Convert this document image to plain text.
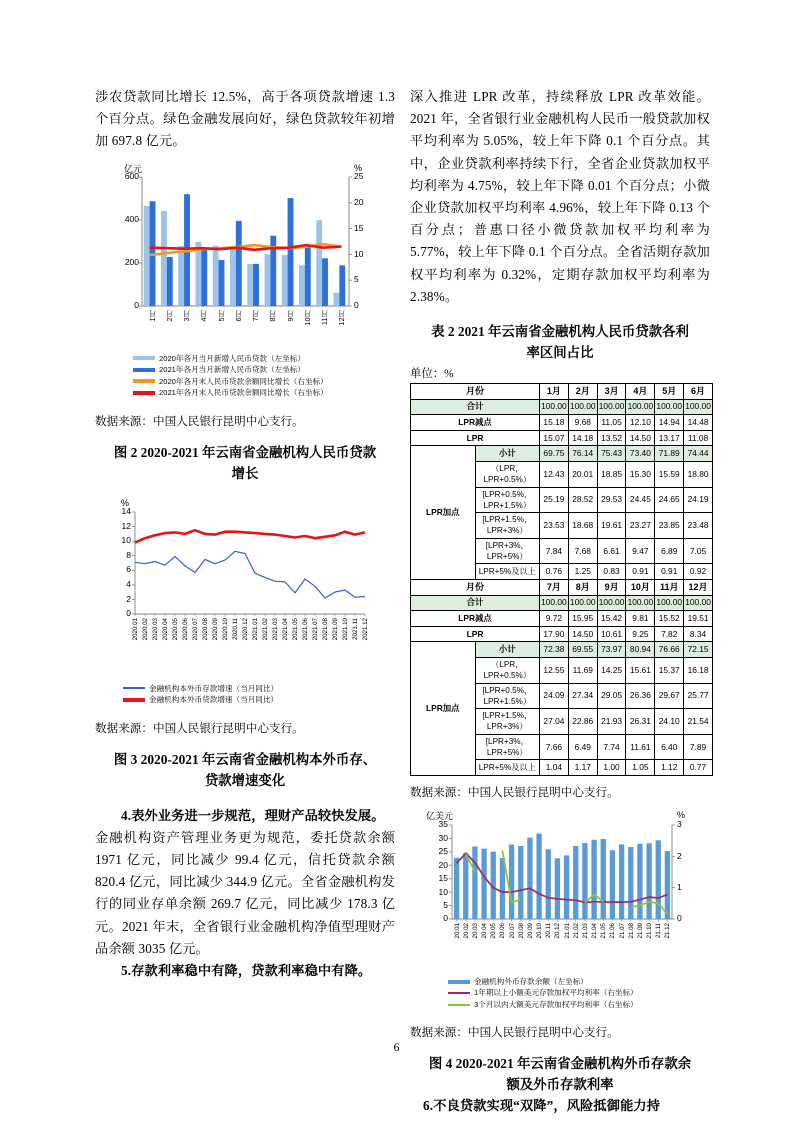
涉农贷款同比增长 12.5%，高于各项贷款增速 1.3 个百分点。绿色金融发展向好，绿色贷款较年初增加 697.8 亿元。

0
200
400
600
0
5
10
15
20
25
亿元	%
1月 2月 3月 4月 5月 6月 7月 8月 9月 10月 11月 12月
2020年各月当月新增人民币贷款（左坐标）
2021年各月当月新增人民币贷款（左坐标）
2020年各月末人民币贷款余额同比增长（右坐标）
2021年各月末人民币贷款余额同比增长（右坐标）

数据来源：中国人民银行昆明中心支行。

图 2 2020-2021 年云南省金融机构人民币贷款

增长

0
2
4
6
8
10
12
14
%
2020.01 2020.02 2020.03 2020.04 2020.05 2020.06 2020.07 2020.08 2020.09 2020.10 2020.11 2020.12 2021.01 2021.02 2021.03 2021.04 2021.05 2021.06 2021.07 2021.08 2021.09 2021.10 2021.11 2021.12
金融机构本外币存款增速（当月同比）
金融机构本外币贷款增速（当月同比）

数据来源：中国人民银行昆明中心支行。

图 3 2020-2021 年云南省金融机构本外币存、

贷款增速变化

4.表外业务进一步规范，理财产品较快发展。

金融机构资产管理业务更为规范，委托贷款余额 1971 亿元，同比减少 99.4 亿元，信托贷款余额 820.4 亿元，同比减少 344.9 亿元。全省金融机构发行的同业存单余额 269.7 亿元，同比减少 178.3 亿元。2021 年末，全省银行业金融机构净值型理财产品余额 3035 亿元。

5.存款利率稳中有降，贷款利率稳中有降。

深入推进 LPR 改革，持续释放 LPR 改革效能。2021 年，全省银行业金融机构人民币一般贷款加权平均利率为 5.05%，较上年下降 0.1 个百分点。其中，企业贷款利率持续下行，全省企业贷款加权平均利率为 4.75%，较上年下降 0.01 个百分点；小微企业贷款加权平均利率 4.96%，较上年下降 0.13 个百分点；普惠口径小微贷款加权平均利率为 5.77%，较上年下降 0.1 个百分点。全省活期存款加权平均利率为 0.32%，定期存款加权平均利率为 2.38%。

表 2 2021 年云南省金融机构人民币贷款各利

率区间占比

单位：%

月份		1月	2月	3月	4月	5月	6月
合计		100.00	100.00	100.00	100.00	100.00	100.00
LPR减点		15.18	9.68	11.05	12.10	14.94	14.48
LPR		15.07	14.18	13.52	14.50	13.17	11.08
LPR加点	小计	69.75	76.14	75.43	73.40	71.89	74.44
	（LPR，LPR+0.5%）	12.43	20.01	18.85	15.30	15.59	18.80
	[LPR+0.5%，LPR+1.5%）	25.19	28.52	29.53	24.45	24.65	24.19
	[LPR+1.5%，LPR+3%）	23.53	18.68	19.61	23.27	23.85	23.48
	[LPR+3%，LPR+5%）	7.84	7.68	6.61	9.47	6.89	7.05
	LPR+5%及以上	0.76	1.25	0.83	0.91	0.91	0.92
月份		7月	8月	9月	10月	11月	12月
合计		100.00	100.00	100.00	100.00	100.00	100.00
LPR减点		9.72	15.95	15.42	9.81	15.52	19.51
LPR		17.90	14.50	10.61	9.25	7.82	8.34
LPR加点	小计	72.38	69.55	73.97	80.94	76.66	72.15
	（LPR，LPR+0.5%）	12.55	11.69	14.25	15.61	15.37	16.18
	[LPR+0.5%，LPR+1.5%）	24.09	27.34	29.05	26.36	29.67	25.77
	[LPR+1.5%，LPR+3%）	27.04	22.86	21.93	26.31	24.10	21.54
	[LPR+3%，LPR+5%）	7.66	6.49	7.74	11.61	6.40	7.89
	LPR+5%及以上	1.04	1.17	1.00	1.05	1.12	0.77

数据来源：中国人民银行昆明中心支行。

0
5
10
15
20
25
30
35
0
1
2
3
亿美元	%
20.01 20.02 20.03 20.04 20.05 20.06 20.07 20.08 20.09 20.10 20.11 20.12 21.01 21.02 21.03 21.04 21.05 21.06 21.07 21.08 21.09 21.10 21.11 21.12
金融机构外币存款余额（左坐标）
1年期以上小额美元存款加权平均利率（右坐标）
3个月以内大额美元存款加权平均利率（右坐标）

数据来源：中国人民银行昆明中心支行。

图 4 2020-2021 年云南省金融机构外币存款余

额及外币存款利率

6.不良贷款实现“双降”，风险抵御能力持

6
